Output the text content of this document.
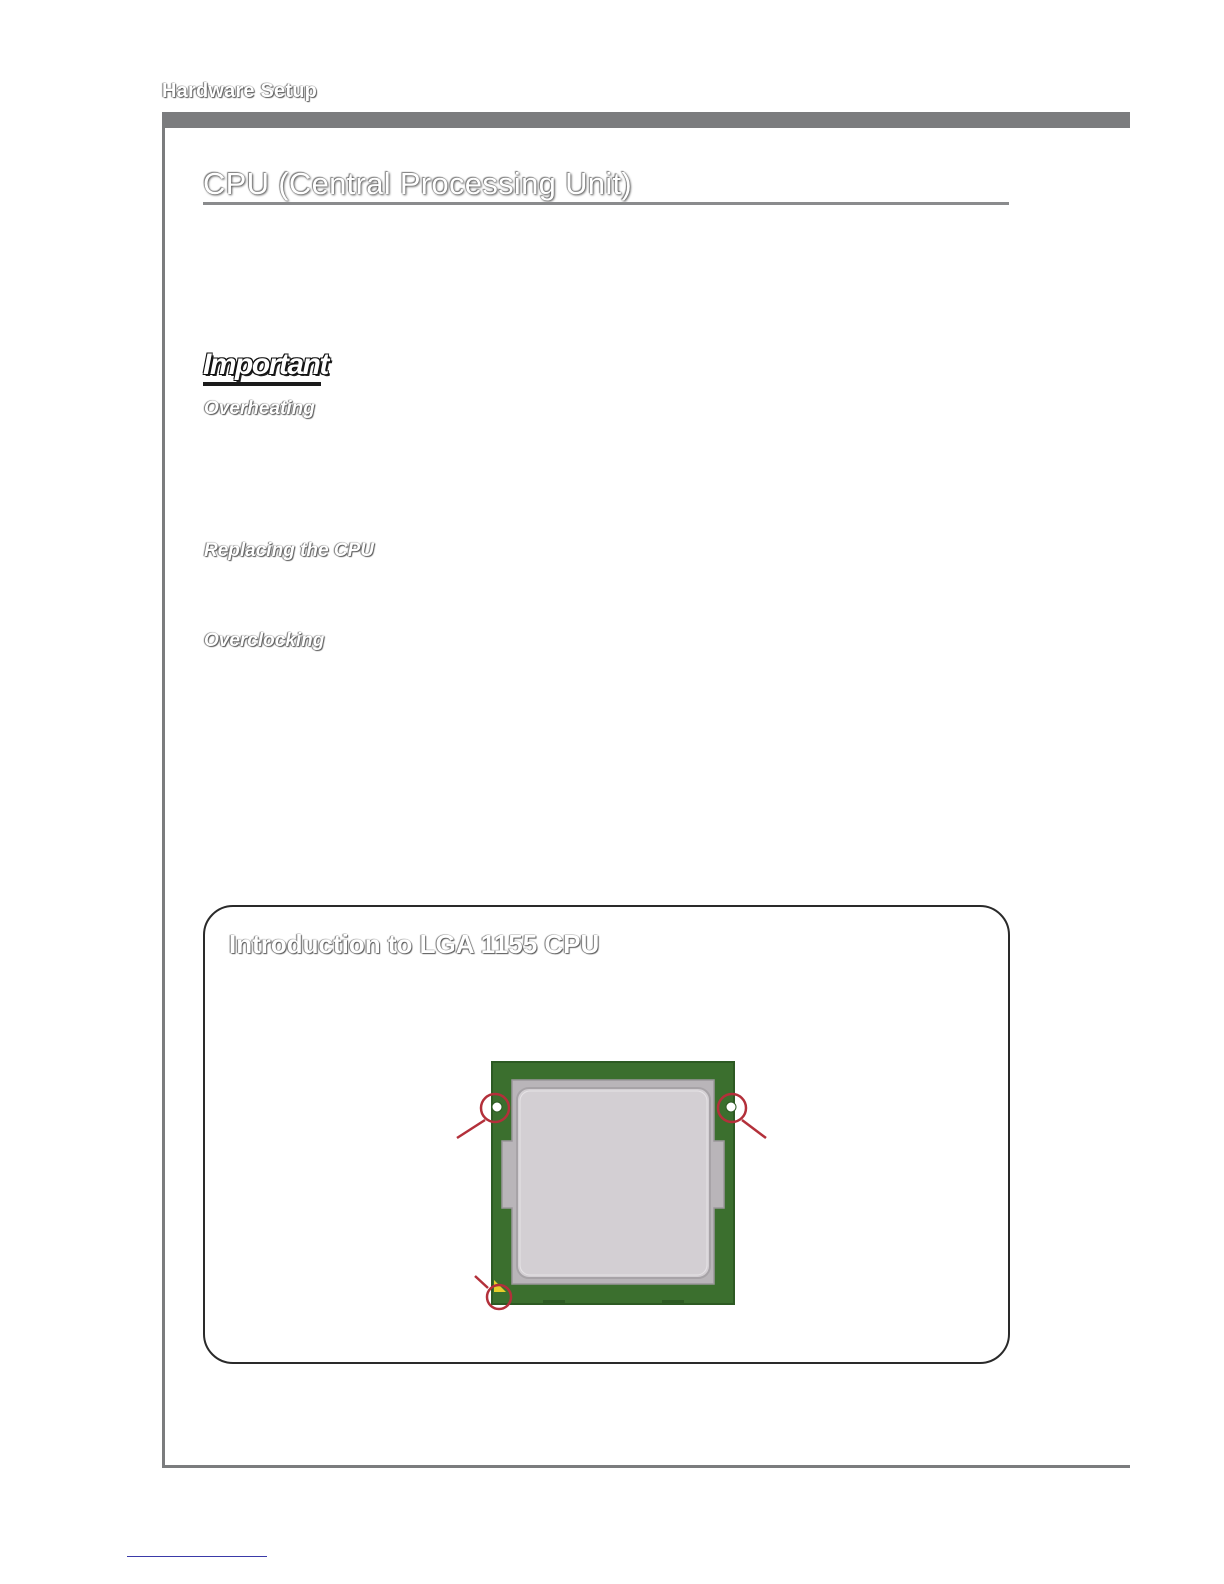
Hardware Setup
CPU (Central Processing Unit)
Important
Overheating
Replacing the CPU
Overclocking
Introduction to LGA 1155 CPU
